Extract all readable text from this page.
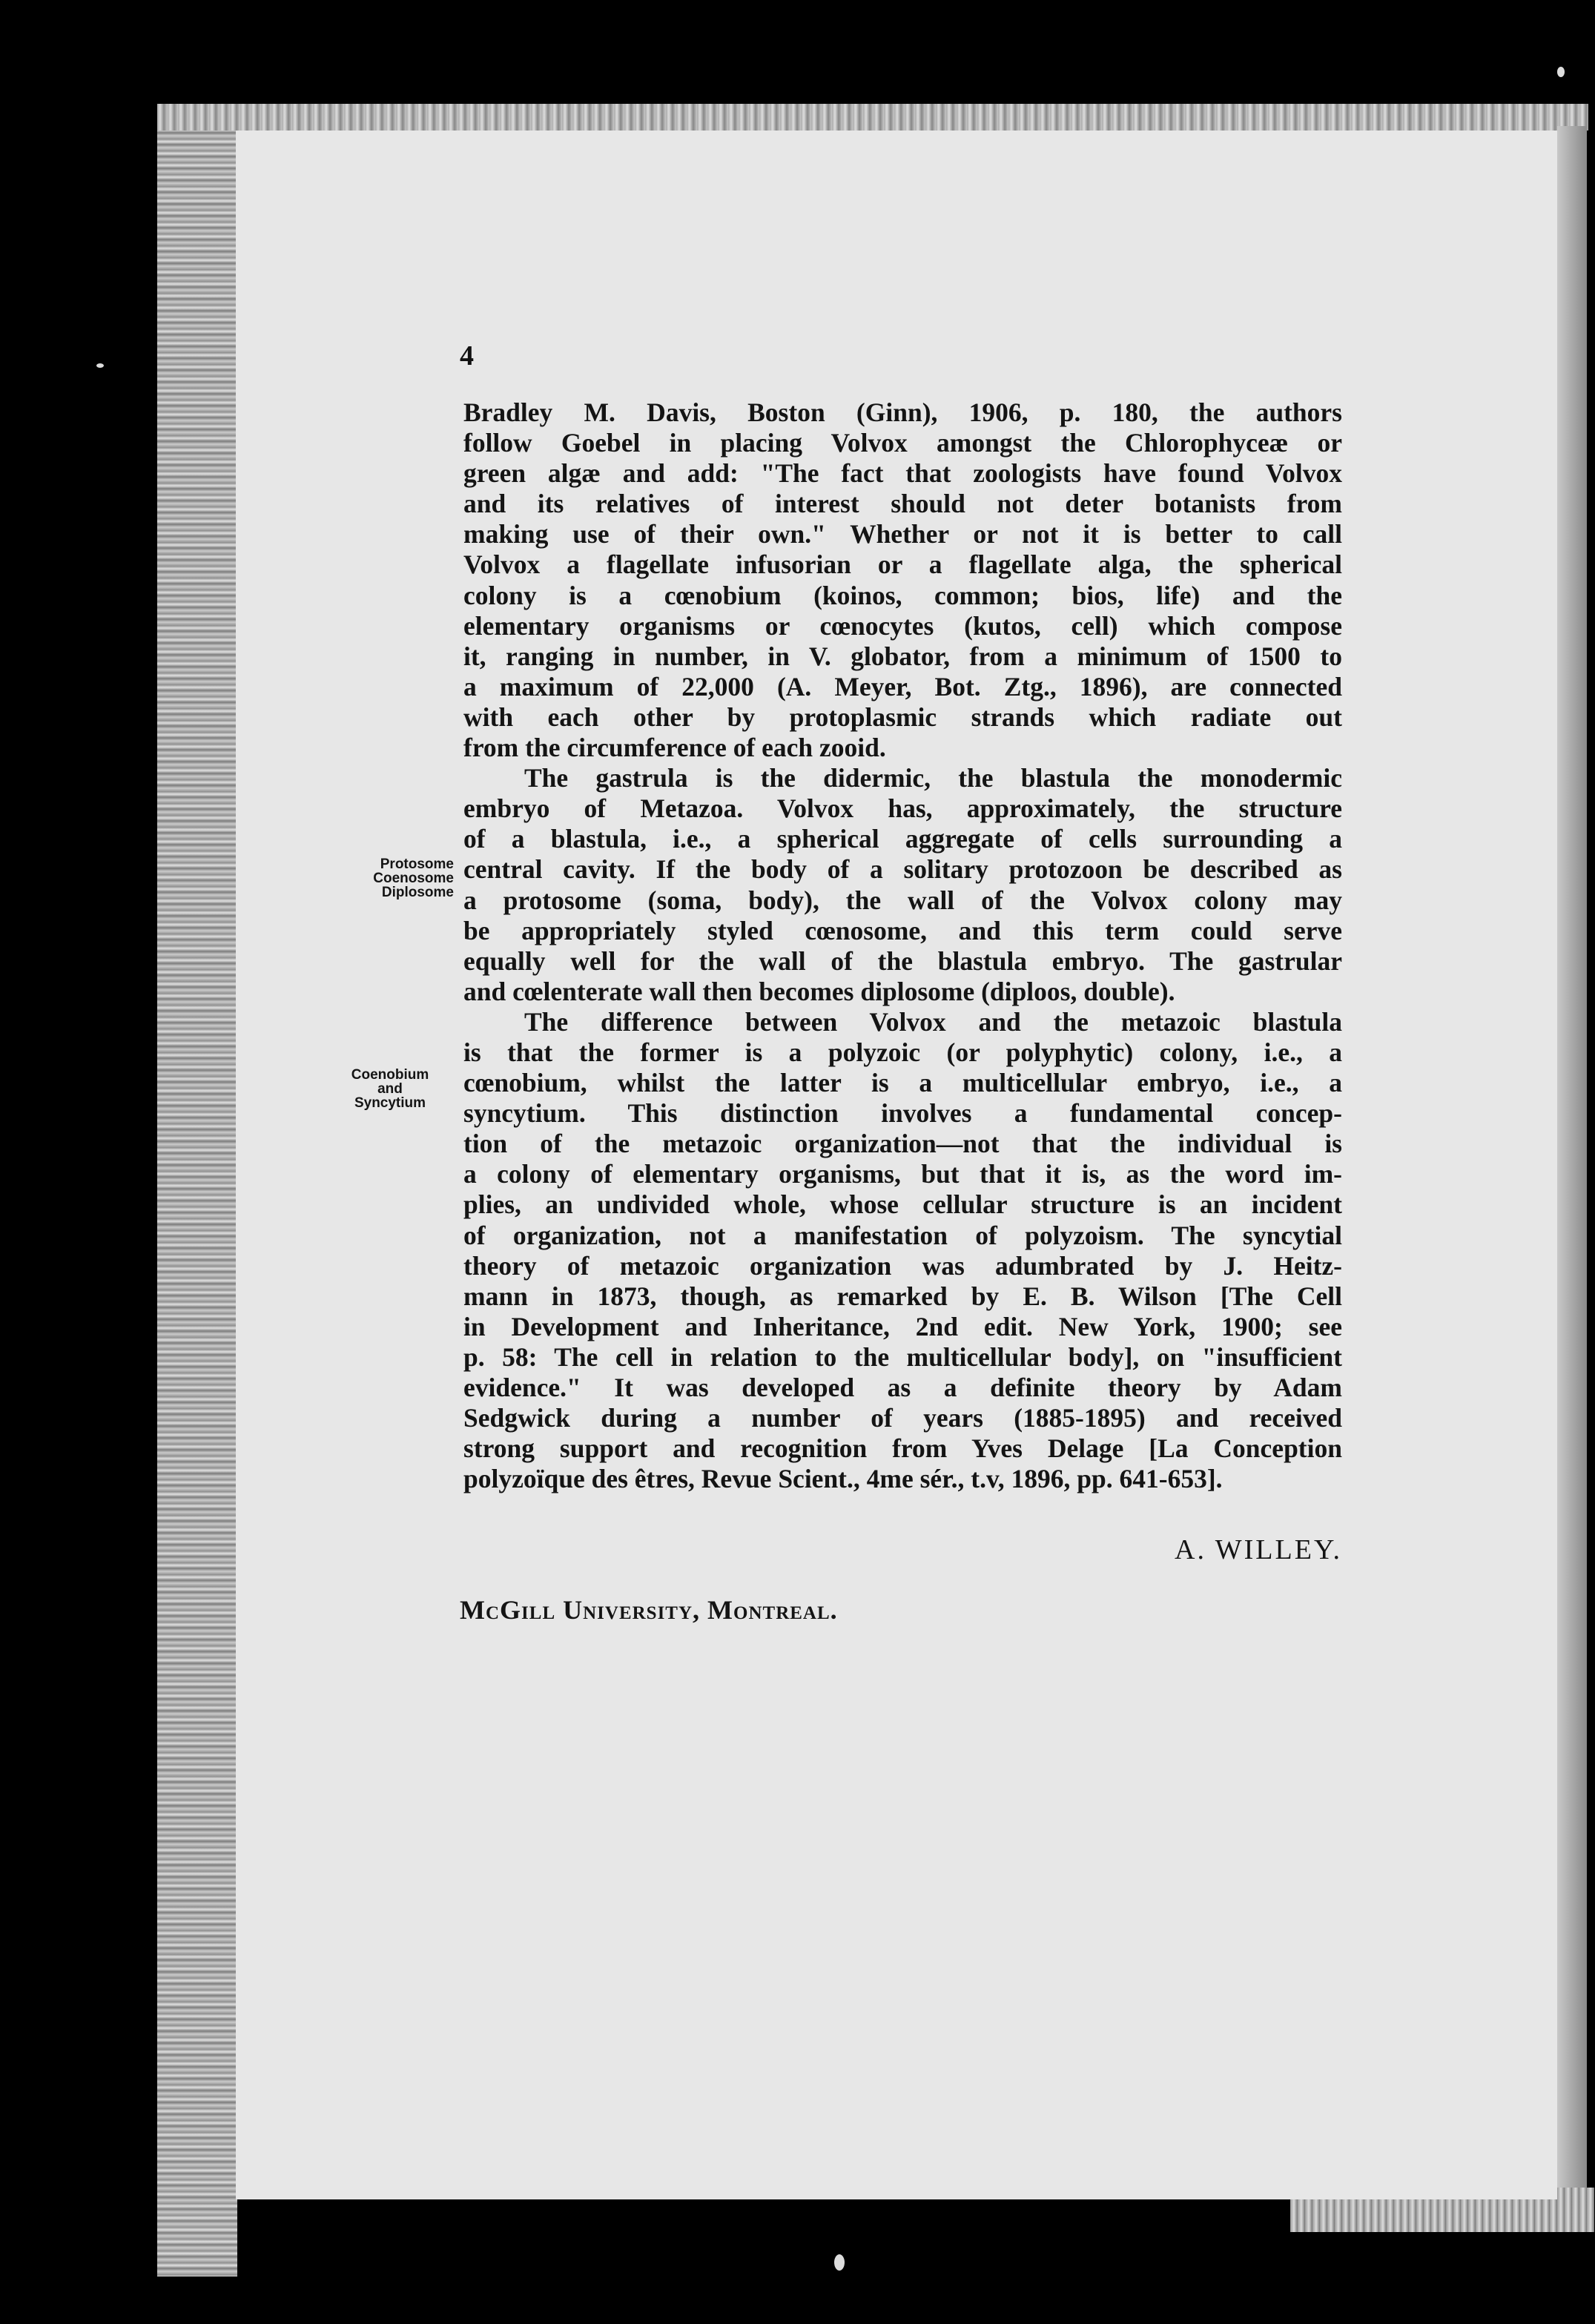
4
Protosome
Coenosome
Diplosome
Coenobium
and
Syncytium
Bradley M. Davis, Boston (Ginn), 1906, p. 180, the authors
follow Goebel in placing Volvox amongst the Chlorophyceæ or
green algæ and add: "The fact that zoologists have found Volvox
and its relatives of interest should not deter botanists from
making use of their own." Whether or not it is better to call
Volvox a flagellate infusorian or a flagellate alga, the spherical
colony is a cœnobium (koinos, common; bios, life) and the
elementary organisms or cœnocytes (kutos, cell) which compose
it, ranging in number, in V. globator, from a minimum of 1500 to
a maximum of 22,000 (A. Meyer, Bot. Ztg., 1896), are connected
with each other by protoplasmic strands which radiate out
from the circumference of each zooid.
The gastrula is the didermic, the blastula the monodermic
embryo of Metazoa. Volvox has, approximately, the structure
of a blastula, i.e., a spherical aggregate of cells surrounding a
central cavity. If the body of a solitary protozoon be described as
a protosome (soma, body), the wall of the Volvox colony may
be appropriately styled cœnosome, and this term could serve
equally well for the wall of the blastula embryo. The gastrular
and cœlenterate wall then becomes diplosome (diploos, double).
The difference between Volvox and the metazoic blastula
is that the former is a polyzoic (or polyphytic) colony, i.e., a
cœnobium, whilst the latter is a multicellular embryo, i.e., a
syncytium. This distinction involves a fundamental concep-
tion of the metazoic organization—not that the individual is
a colony of elementary organisms, but that it is, as the word im-
plies, an undivided whole, whose cellular structure is an incident
of organization, not a manifestation of polyzoism. The syncytial
theory of metazoic organization was adumbrated by J. Heitz-
mann in 1873, though, as remarked by E. B. Wilson [The Cell
in Development and Inheritance, 2nd edit. New York, 1900; see
p. 58: The cell in relation to the multicellular body], on "insufficient
evidence." It was developed as a definite theory by Adam
Sedgwick during a number of years (1885-1895) and received
strong support and recognition from Yves Delage [La Conception
polyzoïque des êtres, Revue Scient., 4me sér., t.v, 1896, pp. 641-653].
A. WILLEY.
McGill University, Montreal.
